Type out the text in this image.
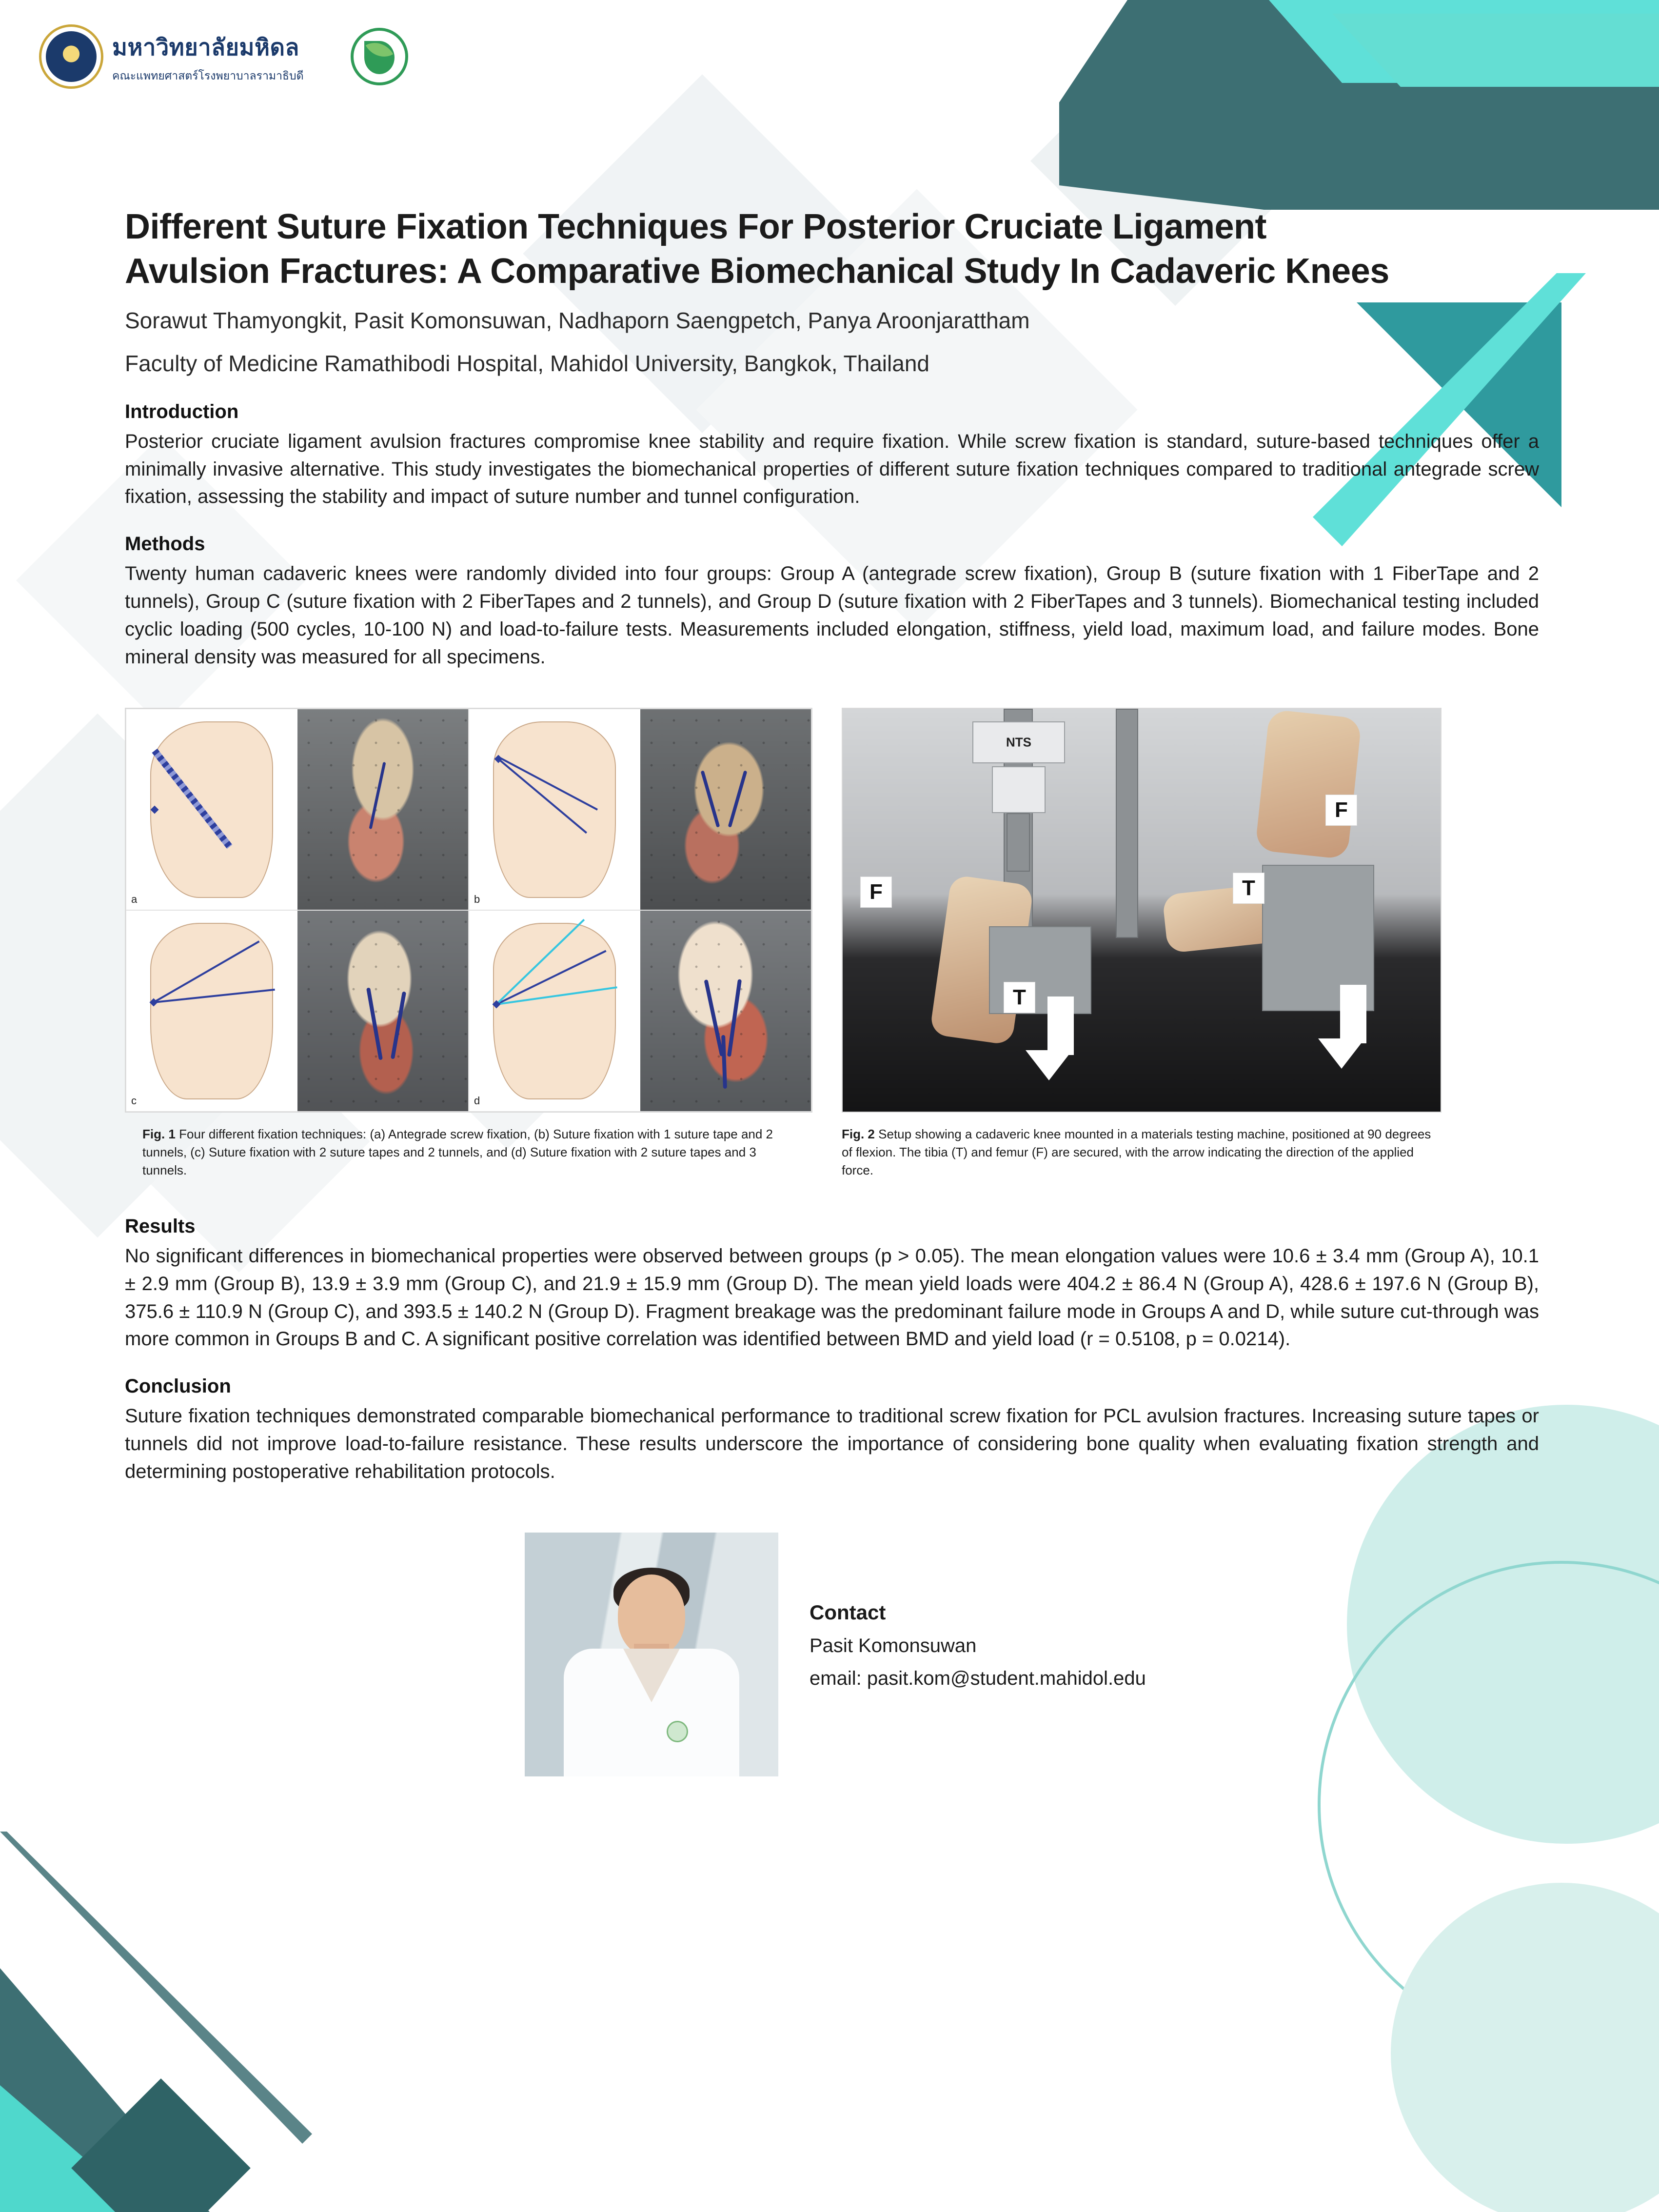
มหาวิทยาลัยมหิดล
คณะแพทยศาสตร์โรงพยาบาลรามาธิบดี
Different Suture Fixation Techniques For Posterior Cruciate Ligament Avulsion Fractures: A Comparative Biomechanical Study In Cadaveric Knees
Sorawut Thamyongkit, Pasit Komonsuwan, Nadhaporn Saengpetch, Panya Aroonjarattham
Faculty of Medicine Ramathibodi Hospital, Mahidol University, Bangkok, Thailand
Introduction

Posterior cruciate ligament avulsion fractures compromise knee stability and require fixation. While screw fixation is standard, suture-based techniques offer a minimally invasive alternative. This study investigates the biomechanical properties of different suture fixation techniques compared to traditional antegrade screw fixation, assessing the stability and impact of suture number and tunnel configuration.

Methods

Twenty human cadaveric knees were randomly divided into four groups: Group A (antegrade screw fixation), Group B (suture fixation with 1 FiberTape and 2 tunnels), Group C (suture fixation with 2 FiberTapes and 2 tunnels), and Group D (suture fixation with 2 FiberTapes and 3 tunnels). Biomechanical testing included cyclic loading (500 cycles, 10-100 N) and load-to-failure tests. Measurements included elongation, stiffness, yield load, maximum load, and failure modes. Bone mineral density was measured for all specimens.

a	b
c	d
Fig. 1 Four different fixation techniques: (a) Antegrade screw fixation, (b) Suture fixation with 1 suture tape and 2 tunnels, (c) Suture fixation with 2 suture tapes and 2 tunnels, and (d) Suture fixation with 2 suture tapes and 3 tunnels.
NTS
F
F	T
T
Fig. 2 Setup showing a cadaveric knee mounted in a materials testing machine, positioned at 90 degrees of flexion. The tibia (T) and femur (F) are secured, with the arrow indicating the direction of the applied force.
Results

No significant differences in biomechanical properties were observed between groups (p > 0.05). The mean elongation values were 10.6 ± 3.4 mm (Group A), 10.1 ± 2.9 mm (Group B), 13.9 ± 3.9 mm (Group C), and 21.9 ± 15.9 mm (Group D). The mean yield loads were 404.2 ± 86.4 N (Group A), 428.6 ± 197.6 N (Group B), 375.6 ± 110.9 N (Group C), and 393.5 ± 140.2 N (Group D). Fragment breakage was the predominant failure mode in Groups A and D, while suture cut-through was more common in Groups B and C. A significant positive correlation was identified between BMD and yield load (r = 0.5108, p = 0.0214).

Conclusion

Suture fixation techniques demonstrated comparable biomechanical performance to traditional screw fixation for PCL avulsion fractures. Increasing suture tapes or tunnels did not improve load-to-failure resistance. These results underscore the importance of considering bone quality when evaluating fixation strength and determining postoperative rehabilitation protocols.

Contact

Pasit Komonsuwan

email: pasit.kom@student.mahidol.edu
